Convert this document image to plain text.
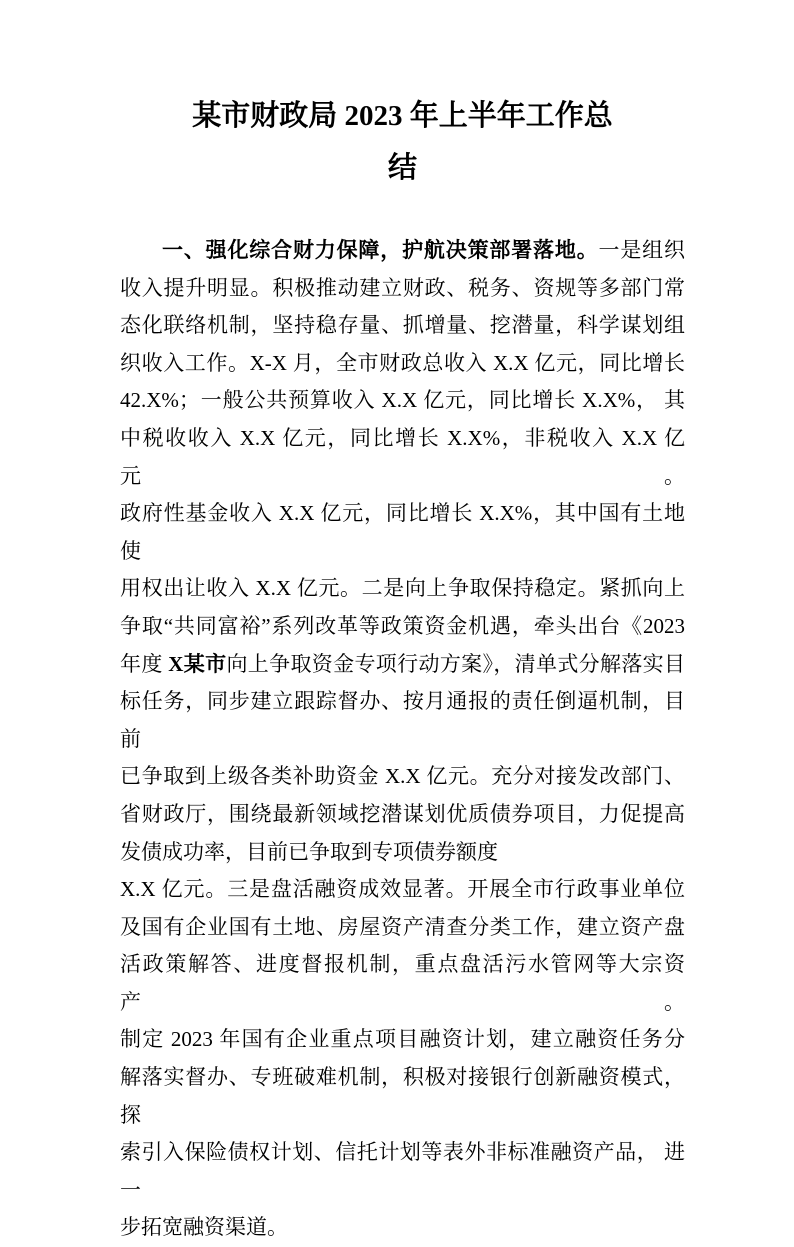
某市财政局 2023 年上半年工作总
结
一、强化综合财力保障，护航决策部署落地。一是组织
收入提升明显。积极推动建立财政、税务、资规等多部门常
态化联络机制，坚持稳存量、抓增量、挖潜量，科学谋划组
织收入工作。X-X 月，全市财政总收入 X.X 亿元，同比增长
42.X%；一般公共预算收入 X.X 亿元，同比增长 X.X%， 其
中税收收入 X.X 亿元，同比增长 X.X%，非税收入 X.X 亿元。
政府性基金收入 X.X 亿元，同比增长 X.X%，其中国有土地使
用权出让收入 X.X 亿元。二是向上争取保持稳定。紧抓向上
争取“共同富裕”系列改革等政策资金机遇，牵头出台《2023
年度 X某市向上争取资金专项行动方案》，清单式分解落实目
标任务，同步建立跟踪督办、按月通报的责任倒逼机制，目前
已争取到上级各类补助资金 X.X 亿元。充分对接发改部门、
省财政厅，围绕最新领域挖潜谋划优质债券项目，力促提高
发债成功率，目前已争取到专项债券额度
X.X 亿元。三是盘活融资成效显著。开展全市行政事业单位
及国有企业国有土地、房屋资产清查分类工作，建立资产盘
活政策解答、进度督报机制，重点盘活污水管网等大宗资产。
制定 2023 年国有企业重点项目融资计划，建立融资任务分
解落实督办、专班破难机制，积极对接银行创新融资模式， 探
索引入保险债权计划、信托计划等表外非标准融资产品， 进一
步拓宽融资渠道。
